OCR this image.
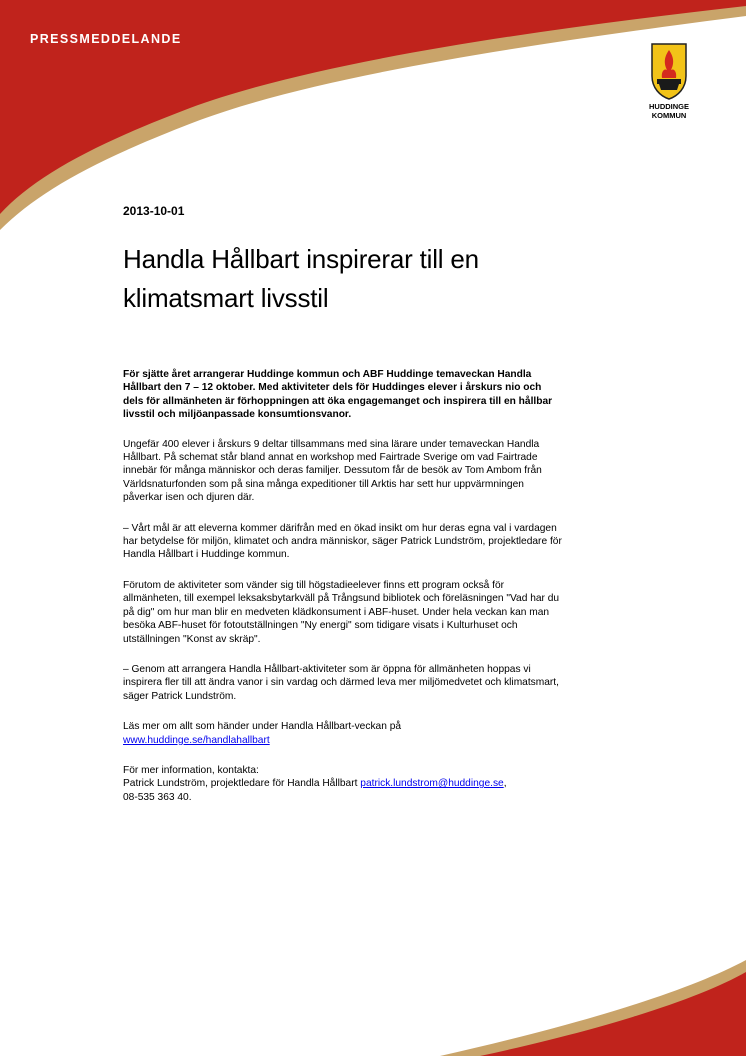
PRESSMEDDELANDE
HUDDINGE
KOMMUN
2013-10-01
Handla Hållbart inspirerar till en klimatsmart livsstil

För sjätte året arrangerar Huddinge kommun och ABF Huddinge temaveckan Handla Hållbart den 7 – 12 oktober. Med aktiviteter dels för Huddinges elever i årskurs nio och dels för allmänheten är förhoppningen att öka engagemanget och inspirera till en hållbar livsstil och miljöanpassade konsumtionsvanor.

Ungefär 400 elever i årskurs 9 deltar tillsammans med sina lärare under temaveckan Handla Hållbart. På schemat står bland annat en workshop med Fairtrade Sverige om vad Fairtrade innebär för många människor och deras familjer. Dessutom får de besök av Tom Ambom från Världsnaturfonden som på sina många expeditioner till Arktis har sett hur uppvärmningen påverkar isen och djuren där.

– Vårt mål är att eleverna kommer därifrån med en ökad insikt om hur deras egna val i vardagen har betydelse för miljön, klimatet och andra människor, säger Patrick Lundström, projektledare för Handla Hållbart i Huddinge kommun.

Förutom de aktiviteter som vänder sig till högstadieelever finns ett program också för allmänheten, till exempel leksaksbytarkväll på Trångsund bibliotek och föreläsningen "Vad har du på dig" om hur man blir en medveten klädkonsument i ABF-huset. Under hela veckan kan man besöka ABF-huset för fotoutställningen "Ny energi" som tidigare visats i Kulturhuset och utställningen "Konst av skräp".

– Genom att arrangera Handla Hållbart-aktiviteter som är öppna för allmänheten hoppas vi inspirera fler till att ändra vanor i sin vardag och därmed leva mer miljömedvetet och klimatsmart, säger Patrick Lundström.

Läs mer om allt som händer under Handla Hållbart-veckan på
www.huddinge.se/handlahallbart

För mer information, kontakta:
Patrick Lundström, projektledare för Handla Hållbart patrick.lundstrom@huddinge.se,
08-535 363 40.
